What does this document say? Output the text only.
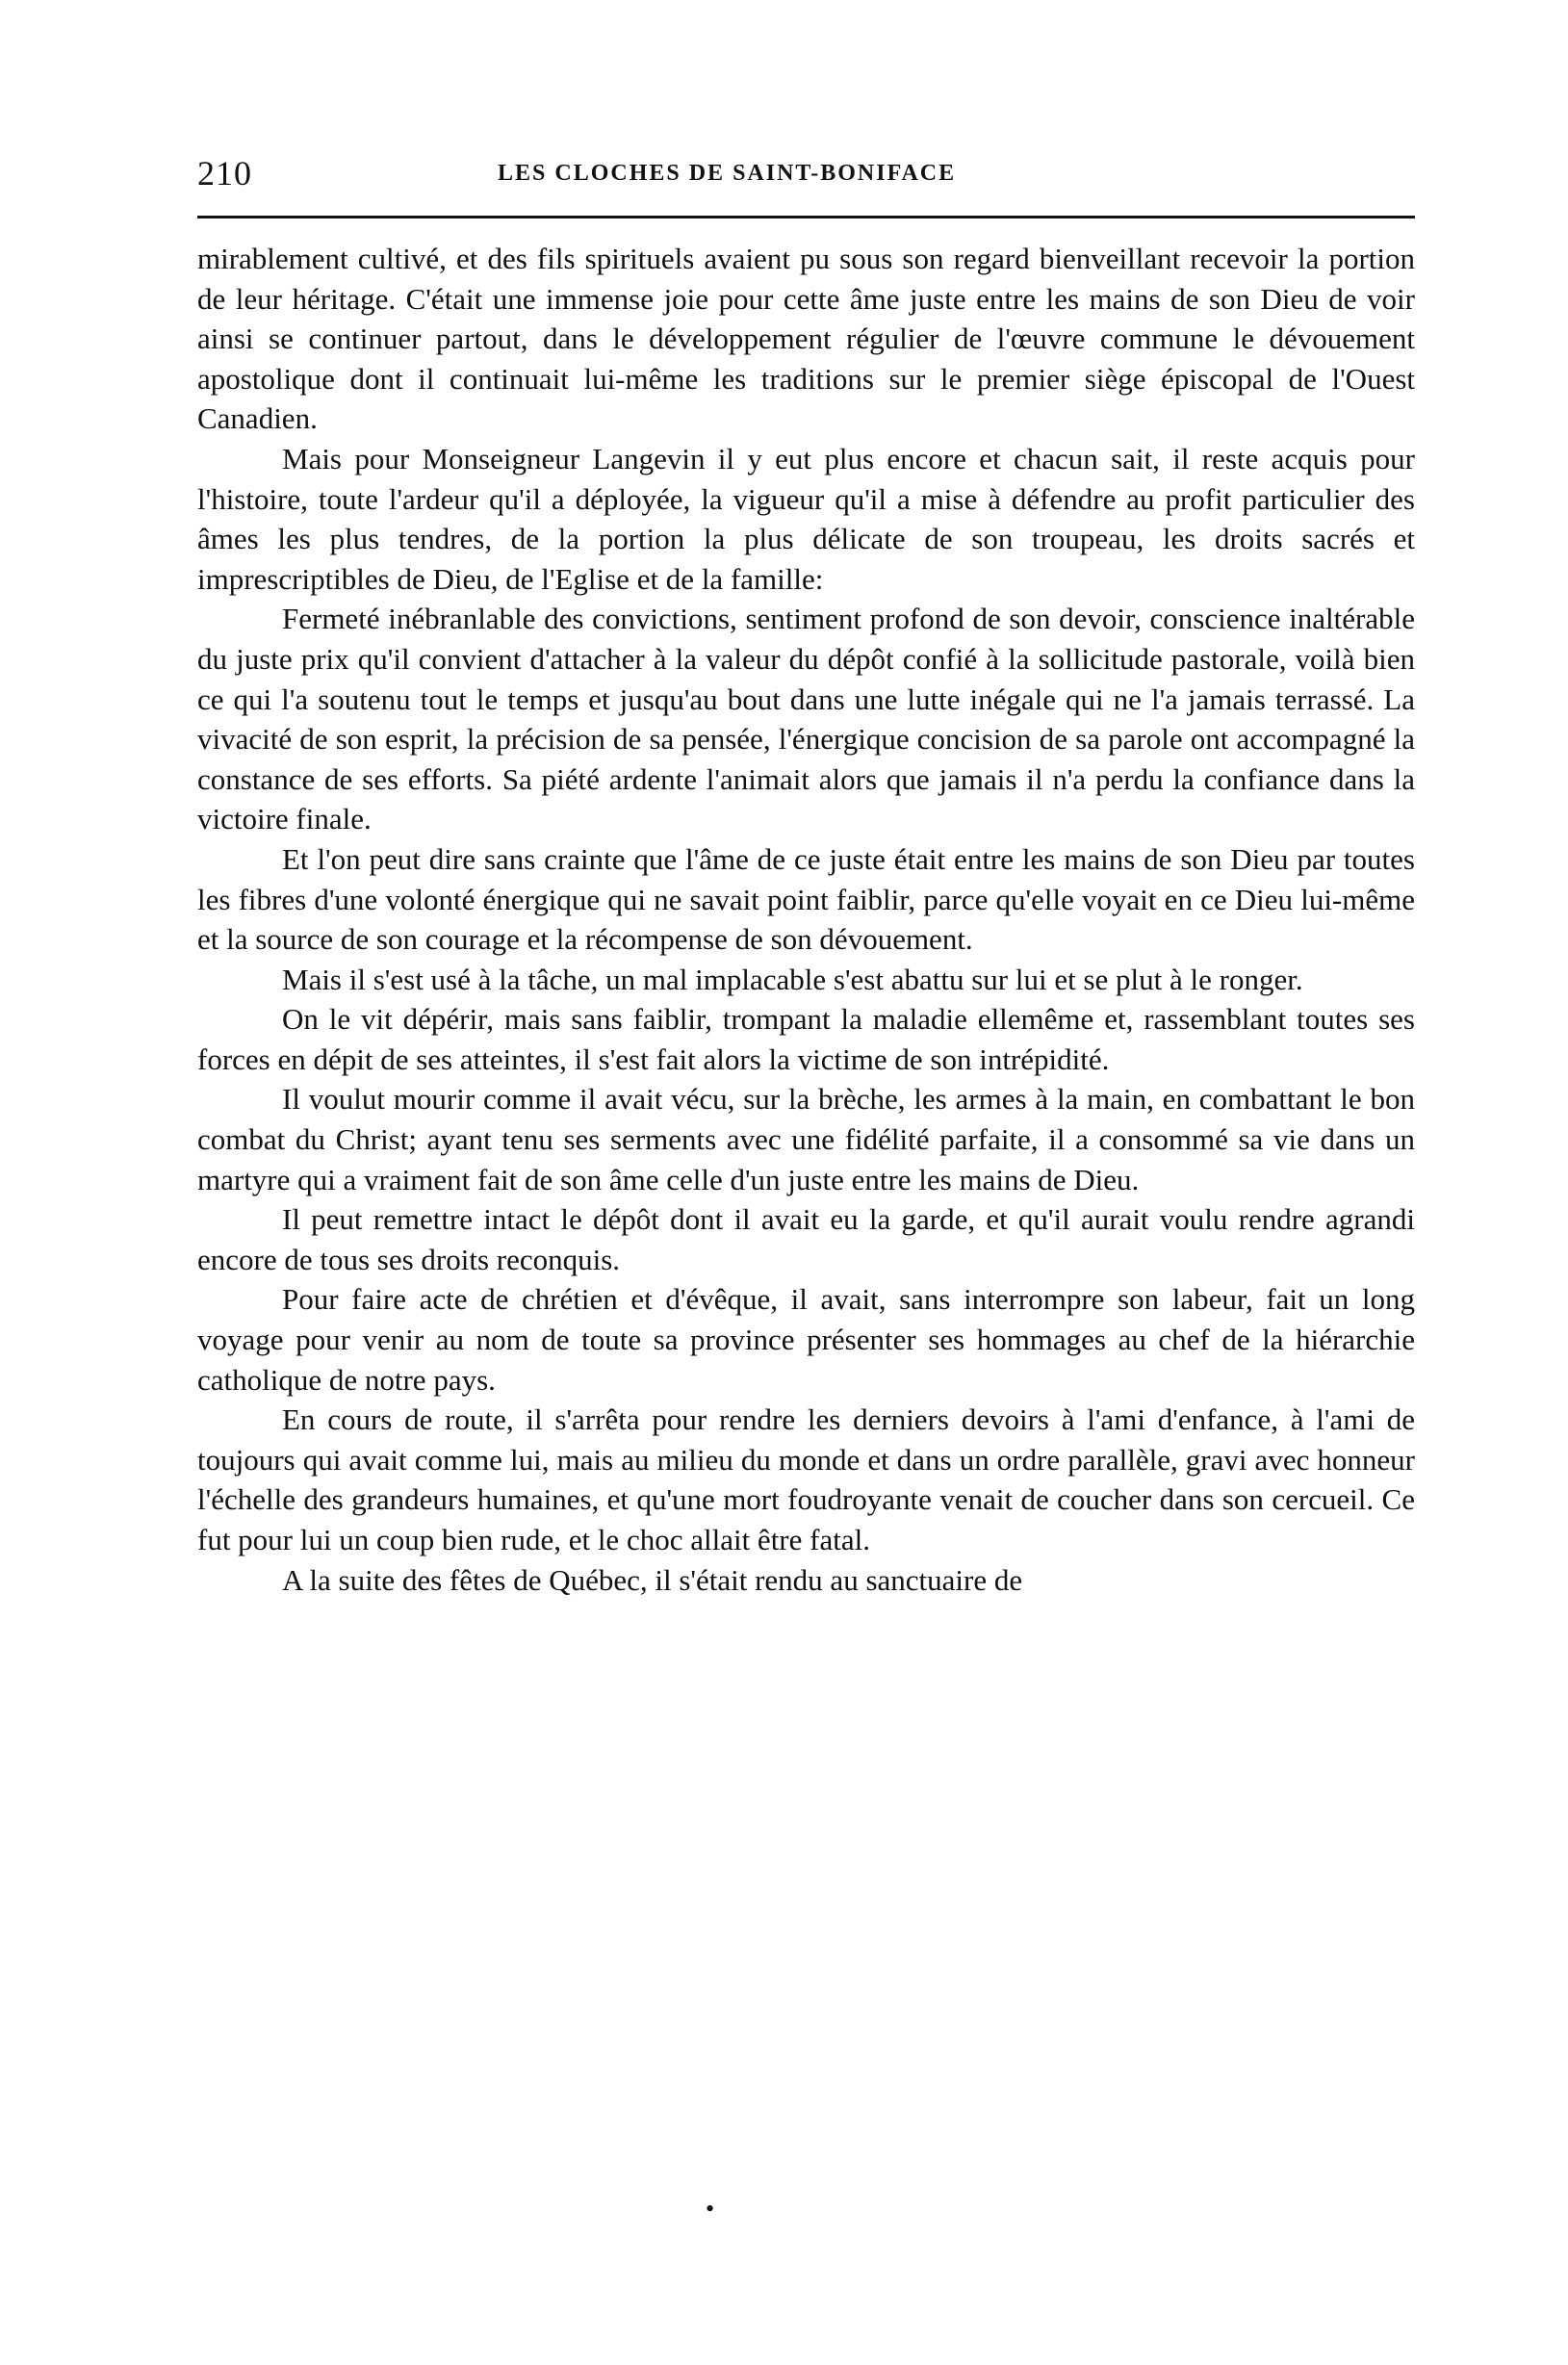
210	LES CLOCHES DE SAINT-BONIFACE

mirablement cultivé, et des fils spirituels avaient pu sous son regard bienveillant recevoir la portion de leur héritage. C'était une immense joie pour cette âme juste entre les mains de son Dieu de voir ainsi se continuer partout, dans le développement régulier de l'œuvre commune le dévouement apostolique dont il continuait lui-même les traditions sur le premier siège épiscopal de l'Ouest Canadien.

Mais pour Monseigneur Langevin il y eut plus encore et chacun sait, il reste acquis pour l'histoire, toute l'ardeur qu'il a déployée, la vigueur qu'il a mise à défendre au profit particulier des âmes les plus tendres, de la portion la plus délicate de son troupeau, les droits sacrés et imprescriptibles de Dieu, de l'Eglise et de la famille:

Fermeté inébranlable des convictions, sentiment profond de son devoir, conscience inaltérable du juste prix qu'il convient d'attacher à la valeur du dépôt confié à la sollicitude pastorale, voilà bien ce qui l'a soutenu tout le temps et jusqu'au bout dans une lutte inégale qui ne l'a jamais terrassé. La vivacité de son esprit, la précision de sa pensée, l'énergique concision de sa parole ont accompagné la constance de ses efforts. Sa piété ardente l'animait alors que jamais il n'a perdu la confiance dans la victoire finale.

Et l'on peut dire sans crainte que l'âme de ce juste était entre les mains de son Dieu par toutes les fibres d'une volonté énergique qui ne savait point faiblir, parce qu'elle voyait en ce Dieu lui-même et la source de son courage et la récompense de son dévouement.

Mais il s'est usé à la tâche, un mal implacable s'est abattu sur lui et se plut à le ronger.

On le vit dépérir, mais sans faiblir, trompant la maladie ellemême et, rassemblant toutes ses forces en dépit de ses atteintes, il s'est fait alors la victime de son intrépidité.

Il voulut mourir comme il avait vécu, sur la brèche, les armes à la main, en combattant le bon combat du Christ; ayant tenu ses serments avec une fidélité parfaite, il a consommé sa vie dans un martyre qui a vraiment fait de son âme celle d'un juste entre les mains de Dieu.

Il peut remettre intact le dépôt dont il avait eu la garde, et qu'il aurait voulu rendre agrandi encore de tous ses droits reconquis.

Pour faire acte de chrétien et d'évêque, il avait, sans interrompre son labeur, fait un long voyage pour venir au nom de toute sa province présenter ses hommages au chef de la hiérarchie catholique de notre pays.

En cours de route, il s'arrêta pour rendre les derniers devoirs à l'ami d'enfance, à l'ami de toujours qui avait comme lui, mais au milieu du monde et dans un ordre parallèle, gravi avec honneur l'échelle des grandeurs humaines, et qu'une mort foudroyante venait de coucher dans son cercueil. Ce fut pour lui un coup bien rude, et le choc allait être fatal.

A la suite des fêtes de Québec, il s'était rendu au sanctuaire de

•
